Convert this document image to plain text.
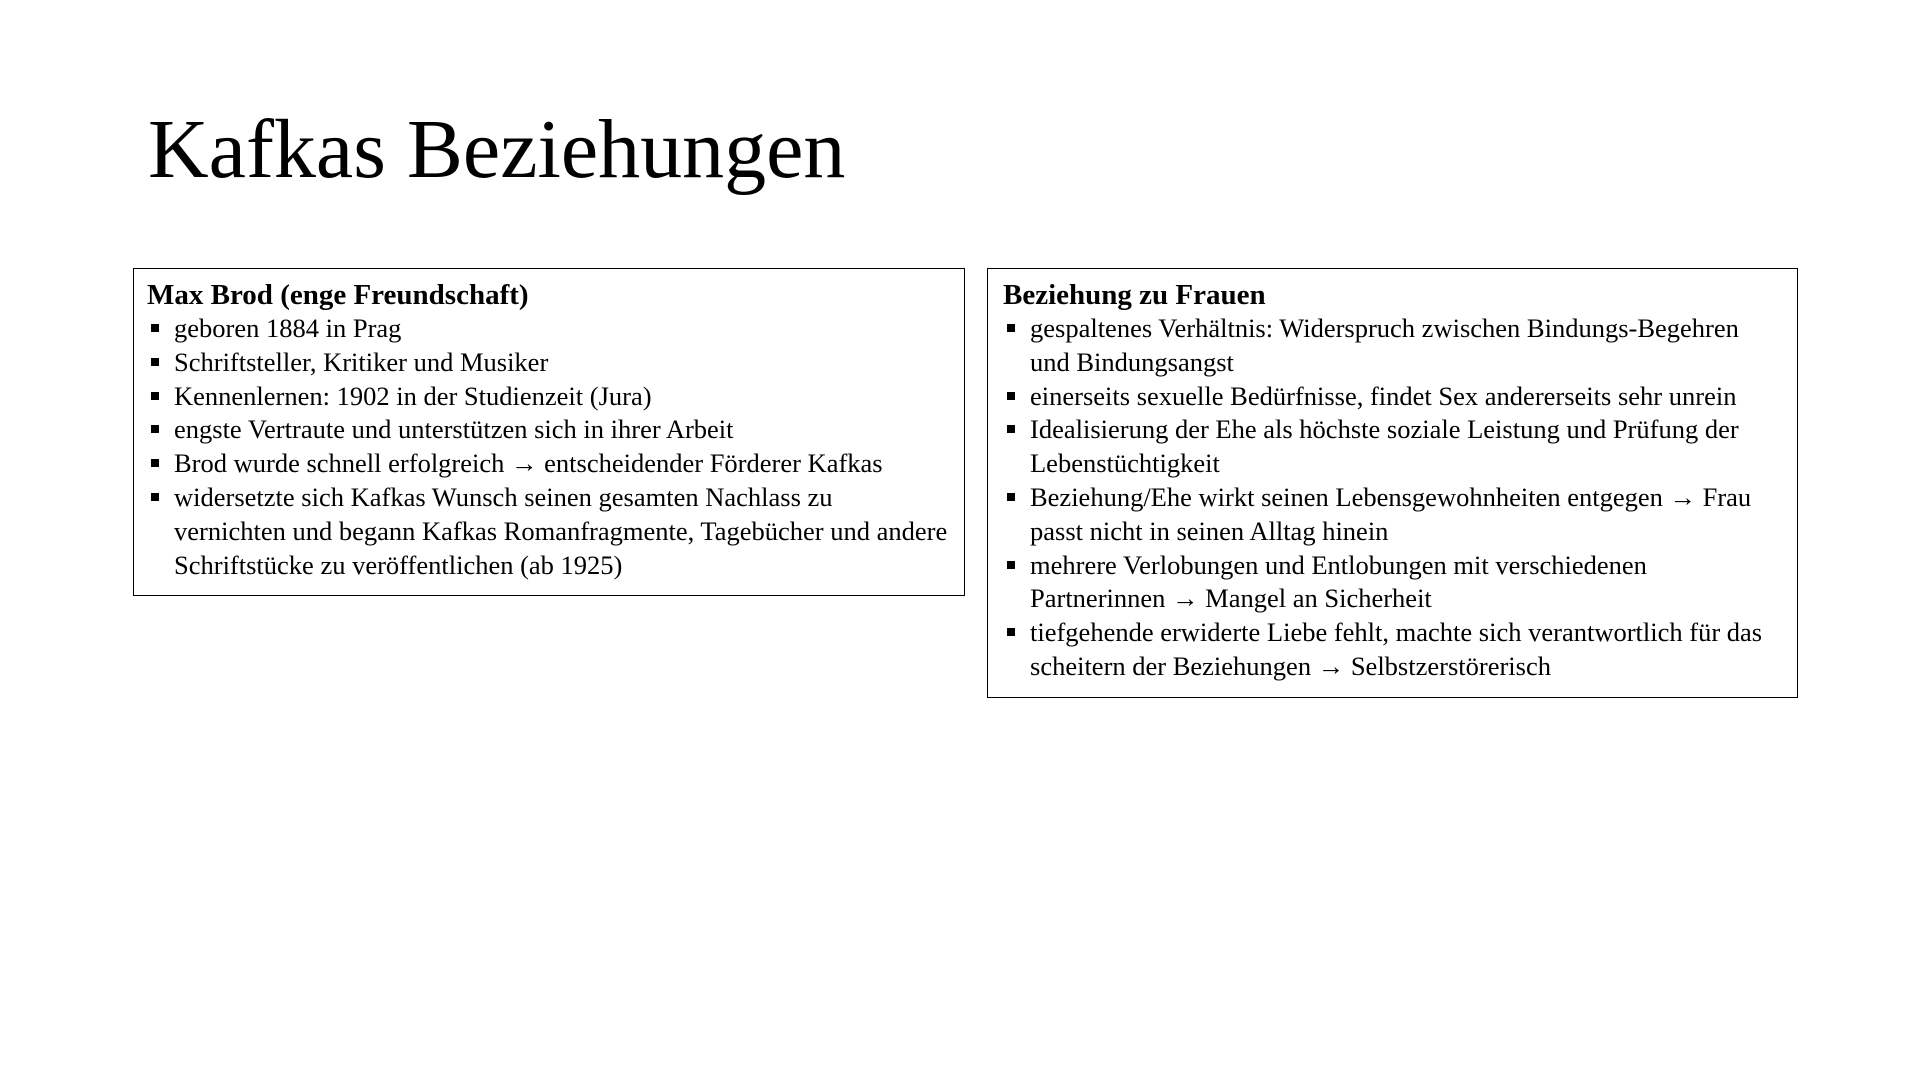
Kafkas Beziehungen
Max Brod (enge Freundschaft)
geboren 1884 in Prag
Schriftsteller, Kritiker und Musiker
Kennenlernen: 1902 in der Studienzeit (Jura)
engste Vertraute und unterstützen sich in ihrer Arbeit
Brod wurde schnell erfolgreich → entscheidender Förderer Kafkas
widersetzte sich Kafkas Wunsch seinen gesamten Nachlass zu vernichten und begann Kafkas Romanfragmente, Tagebücher und andere Schriftstücke zu veröffentlichen (ab 1925)
Beziehung zu Frauen
gespaltenes Verhältnis: Widerspruch zwischen Bindungs-Begehren und Bindungsangst
einerseits sexuelle Bedürfnisse, findet Sex andererseits sehr unrein
Idealisierung der Ehe als höchste soziale Leistung und Prüfung der Lebenstüchtigkeit
Beziehung/Ehe wirkt seinen Lebensgewohnheiten entgegen → Frau passt nicht in seinen Alltag hinein
mehrere Verlobungen und Entlobungen mit verschiedenen Partnerinnen → Mangel an Sicherheit
tiefgehende erwiderte Liebe fehlt, machte sich verantwortlich für das scheitern der Beziehungen → Selbstzerstörerisch
